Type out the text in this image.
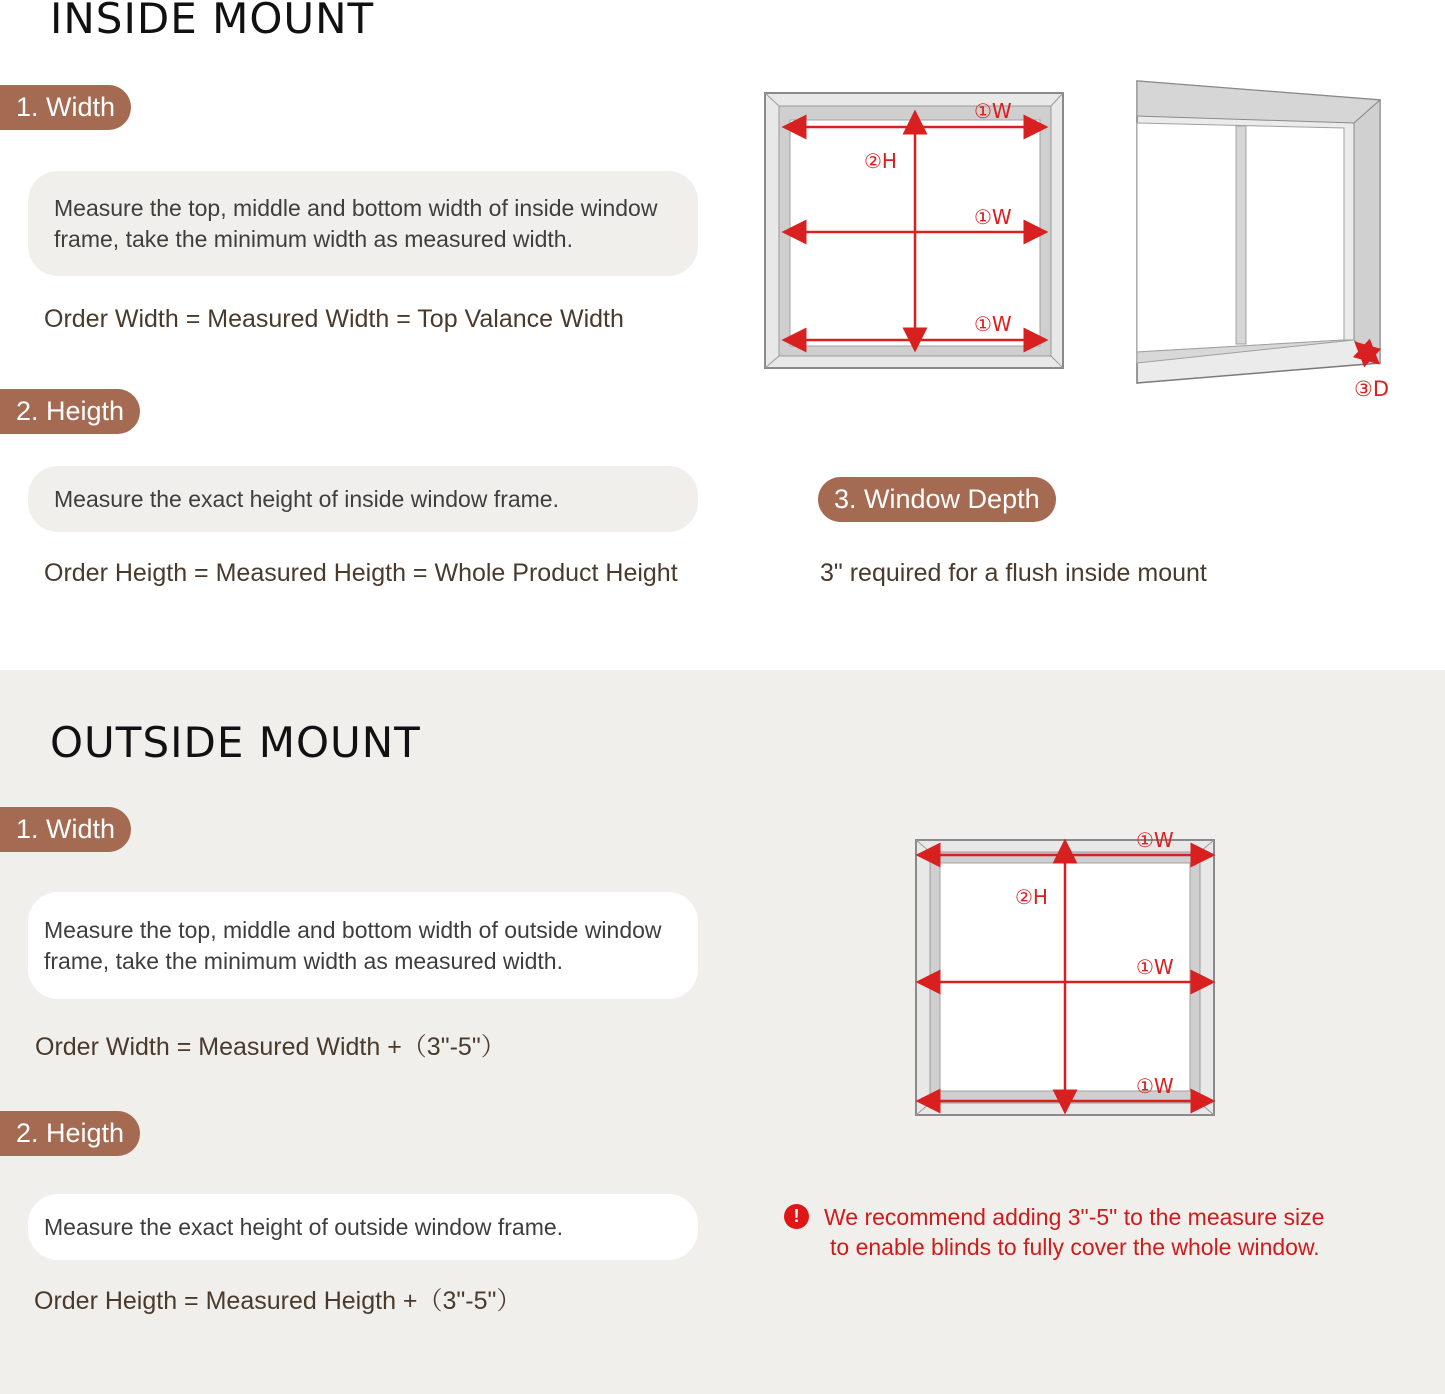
INSIDE MOUNT
1. Width
Measure the top, middle and bottom width of inside window frame, take the minimum width as measured width.
Order Width = Measured Width = Top Valance Width
2. Heigth
Measure the exact height of inside window frame.
Order Heigth = Measured Heigth = Whole Product Height
①W
①W
①W
②H
③D
3. Window Depth
3" required for a flush inside mount
OUTSIDE MOUNT
1. Width
Measure the top, middle and bottom width of outside window frame, take the minimum width as measured width.
Order Width = Measured Width +（3"-5"）
2. Heigth
Measure the exact height of outside window frame.
Order Heigth = Measured Heigth +（3"-5"）
①W
①W
①W
②H
!	We recommend adding 3"-5" to the measure size
to enable blinds to fully cover the whole window.
